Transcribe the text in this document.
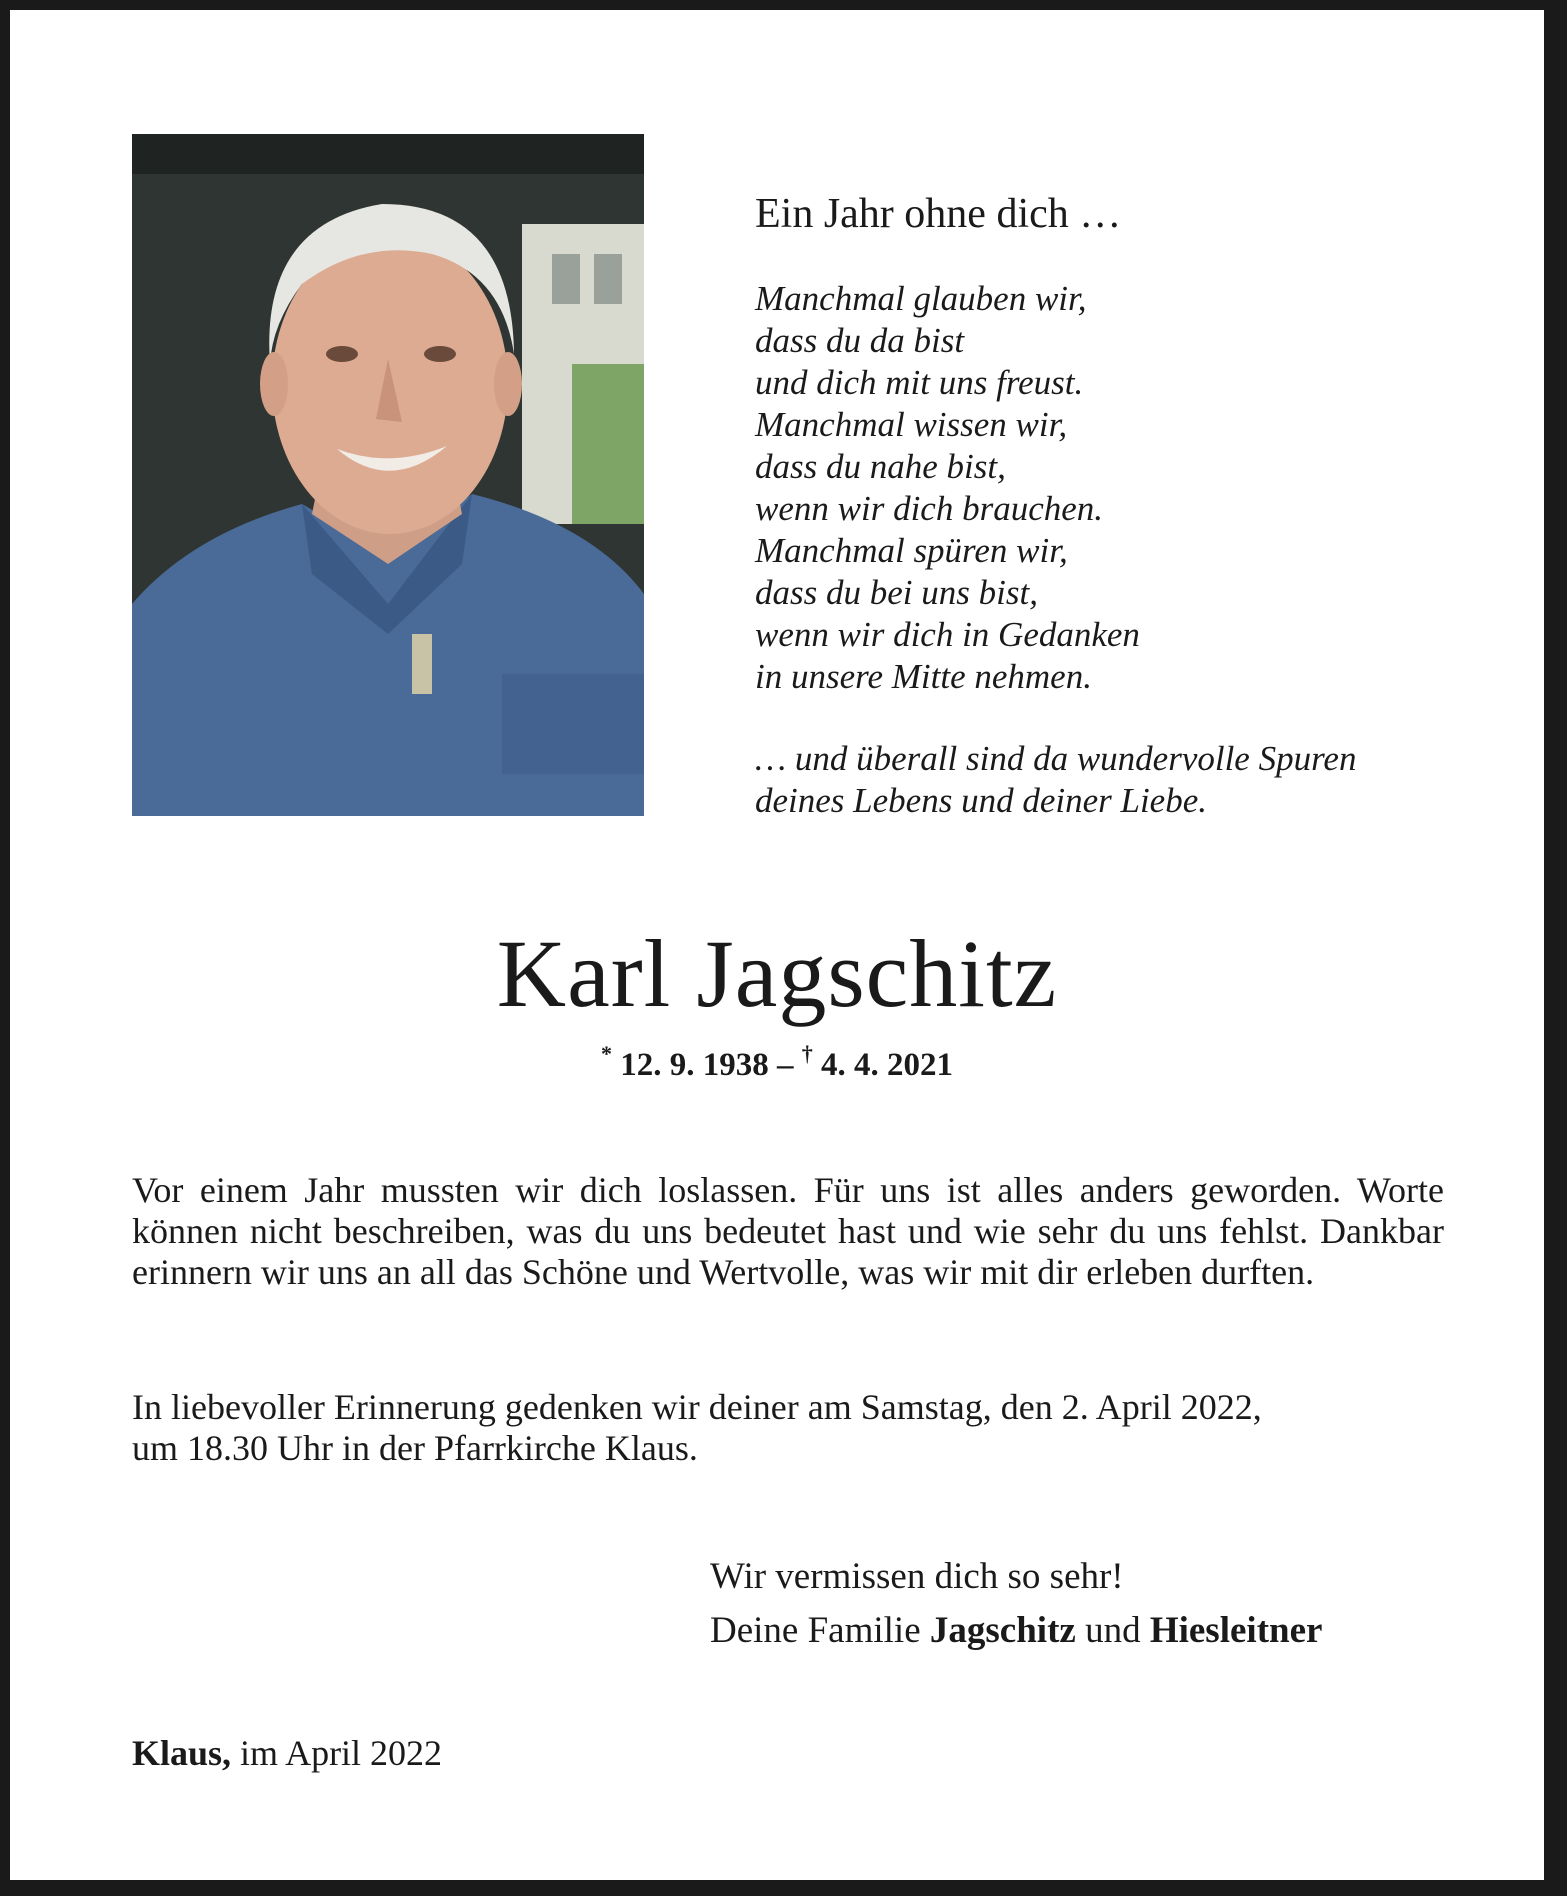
Ein Jahr ohne dich …
Manchmal glauben wir,
dass du da bist
und dich mit uns freust.
Manchmal wissen wir,
dass du nahe bist,
wenn wir dich brauchen.
Manchmal spüren wir,
dass du bei uns bist,
wenn wir dich in Gedanken
in unsere Mitte nehmen.
… und überall sind da wundervolle Spuren
deines Lebens und deiner Liebe.
Karl Jagschitz
* 12. 9. 1938 – † 4. 4. 2021
Vor einem Jahr mussten wir dich loslassen. Für uns ist alles anders geworden. Worte können nicht beschreiben, was du uns bedeutet hast und wie sehr du uns fehlst. Dankbar erinnern wir uns an all das Schöne und Wertvolle, was wir mit dir erleben durften.
In liebevoller Erinnerung gedenken wir deiner am Samstag, den 2. April 2022,
um 18.30 Uhr in der Pfarrkirche Klaus.
Wir vermissen dich so sehr!
Deine Familie Jagschitz und Hiesleitner
Klaus, im April 2022
